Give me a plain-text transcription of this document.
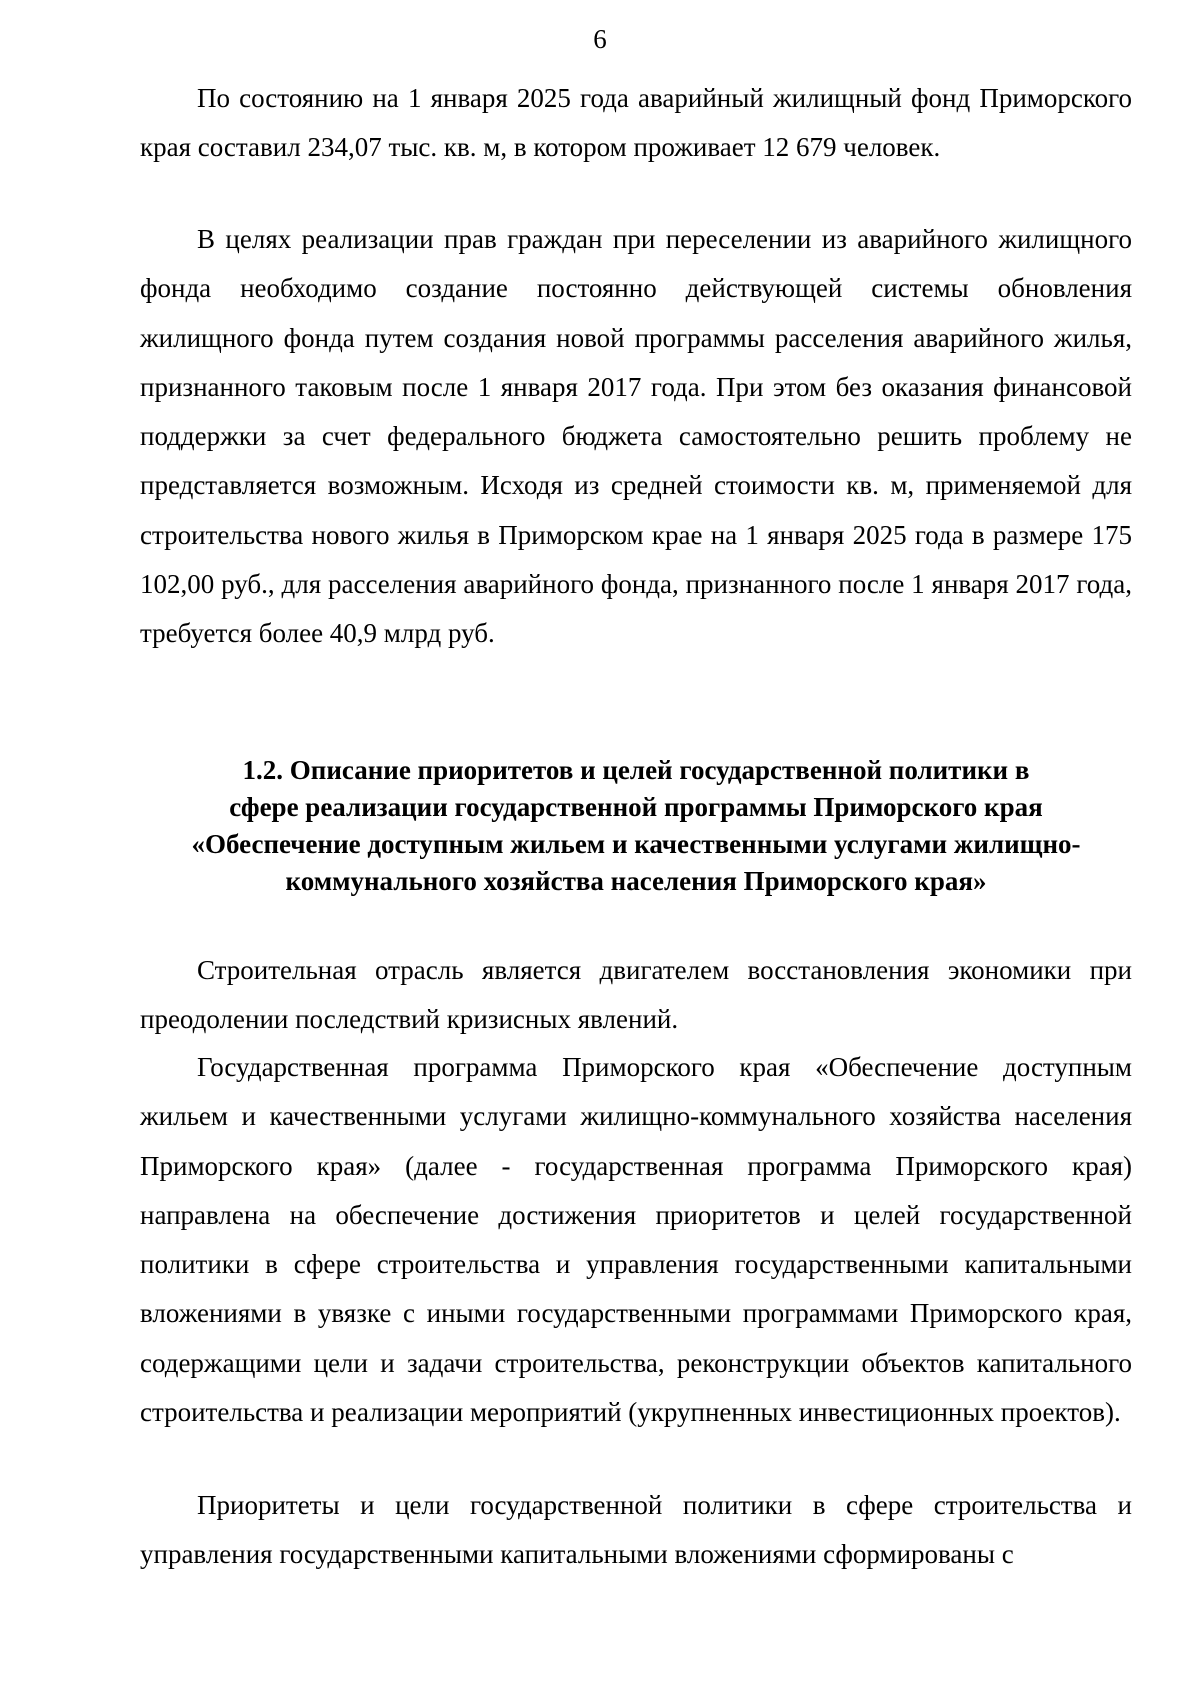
6

По состоянию на 1 января 2025 года аварийный жилищный фонд Приморского края составил 234,07 тыс. кв. м, в котором проживает 12 679 человек.

В целях реализации прав граждан при переселении из аварийного жилищного фонда необходимо создание постоянно действующей системы обновления жилищного фонда путем создания новой программы расселения аварийного жилья, признанного таковым после 1 января 2017 года. При этом без оказания финансовой поддержки за счет федерального бюджета самостоятельно решить проблему не представляется возможным. Исходя из средней стоимости кв. м, применяемой для строительства нового жилья в Приморском крае на 1 января 2025 года в размере 175 102,00 руб., для расселения аварийного фонда, признанного после 1 января 2017 года, требуется более 40,9 млрд руб.

1.2. Описание приоритетов и целей государственной политики в
сфере реализации государственной программы Приморского края
«Обеспечение доступным жильем и качественными услугами жилищно-
коммунального хозяйства населения Приморского края»

Строительная отрасль является двигателем восстановления экономики при преодолении последствий кризисных явлений.

Государственная программа Приморского края «Обеспечение доступным жильем и качественными услугами жилищно-коммунального хозяйства населения Приморского края» (далее - государственная программа Приморского края) направлена на обеспечение достижения приоритетов и целей государственной политики в сфере строительства и управления государственными капитальными вложениями в увязке с иными государственными программами Приморского края, содержащими цели и задачи строительства, реконструкции объектов капитального строительства и реализации мероприятий (укрупненных инвестиционных проектов).

Приоритеты и цели государственной политики в сфере строительства и управления государственными капитальными вложениями сформированы с
